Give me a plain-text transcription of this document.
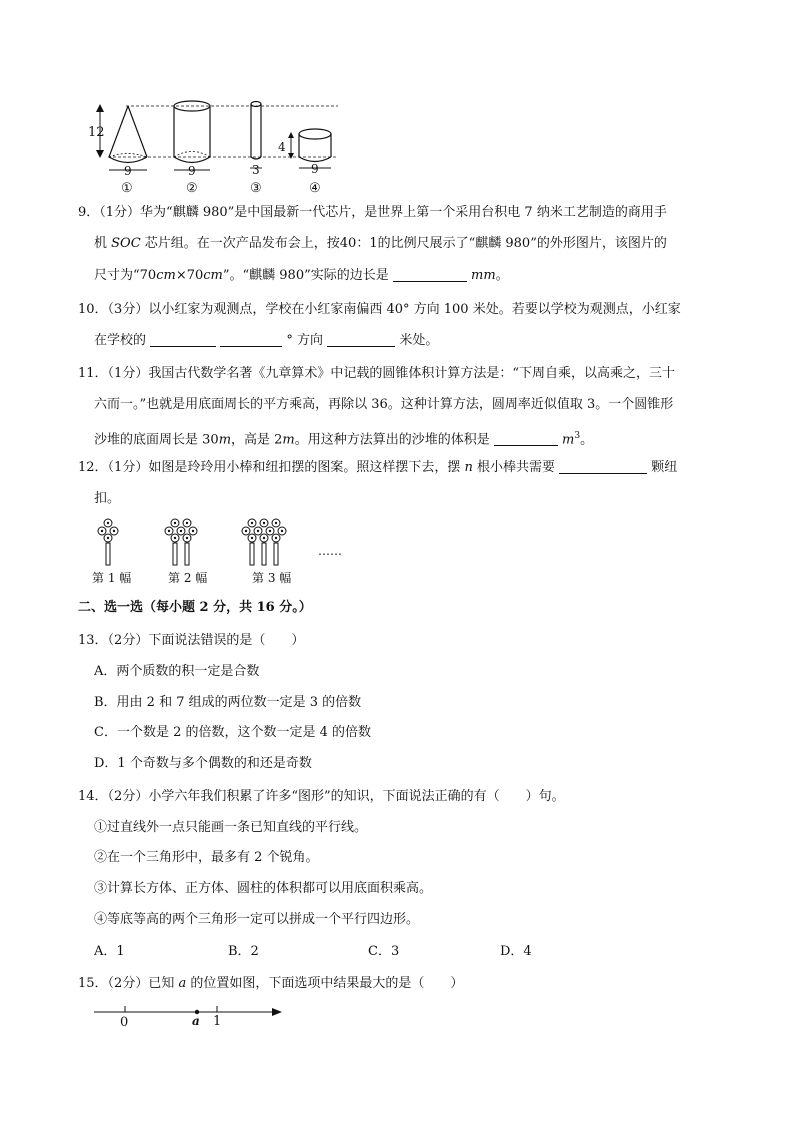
12
4
9	9	3	9
①	②	③	④
9．（1分）华为“麒麟 980”是中国最新一代芯片，是世界上第一个采用台积电 7 纳米工艺制造的商用手
机 SOC 芯片组。在一次产品发布会上，按40：1的比例尺展示了“麒麟 980”的外形图片，该图片的
尺寸为“70cm×70cm”。“麒麟 980”实际的边长是	mm。
10．（3分）以小红家为观测点，学校在小红家南偏西 40° 方向 100 米处。若要以学校为观测点，小红家
在学校的	° 方向	米处。
11．（1分）我国古代数学名著《九章算术》中记载的圆锥体积计算方法是：“下周自乘，以高乘之，三十
六而一。”也就是用底面周长的平方乘高，再除以 36。这种计算方法，圆周率近似值取 3。一个圆锥形
沙堆的底面周长是 30m，高是 2m。用这种方法算出的沙堆的体积是	$m^3$。
12．（1分）如图是玲玲用小棒和纽扣摆的图案。照这样摆下去，摆 n 根小棒共需要	颗纽
扣。
……
第 1 幅	第 2 幅	第 3 幅
二、选一选（每小题 2 分，共 16 分。）
13．（2分）下面说法错误的是（　　）
A．两个质数的积一定是合数
B．用由 2 和 7 组成的两位数一定是 3 的倍数
C．一个数是 2 的倍数，这个数一定是 4 的倍数
D．1 个奇数与多个偶数的和还是奇数
14．（2分）小学六年我们积累了许多“图形”的知识，下面说法正确的有（　　）句。
①过直线外一点只能画一条已知直线的平行线。
②在一个三角形中，最多有 2 个锐角。
③计算长方体、正方体、圆柱的体积都可以用底面积乘高。
④等底等高的两个三角形一定可以拼成一个平行四边形。
A．1	B．2	C．3	D．4
15．（2分）已知 a 的位置如图，下面选项中结果最大的是（　　）
0	a 1
